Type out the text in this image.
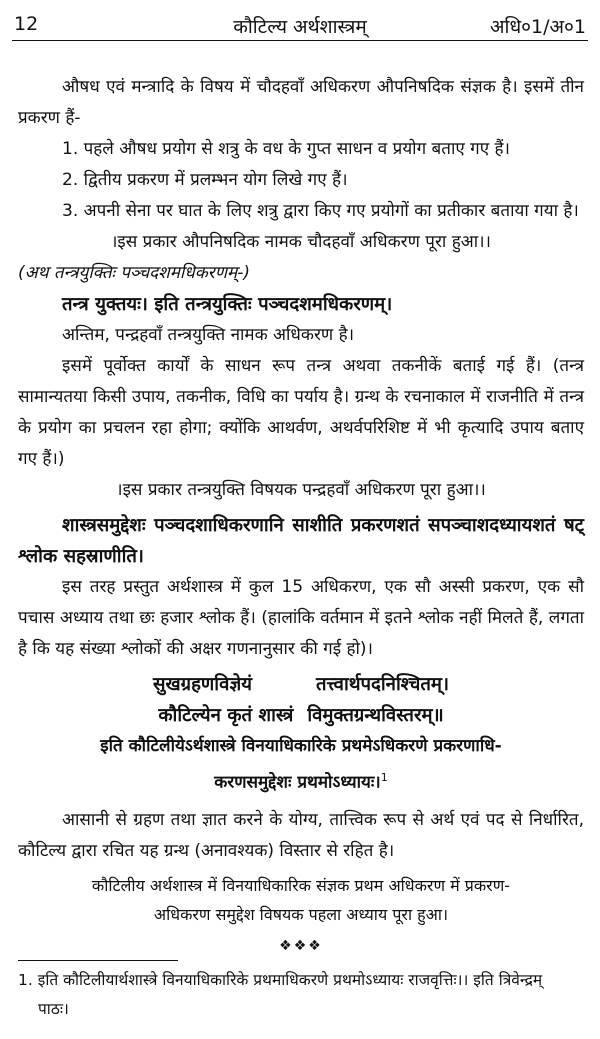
12	कौटिल्य अर्थशास्त्रम्	अधि०1/अ०1

औषध एवं मन्त्रादि के विषय में चौदहवाँ अधिकरण औपनिषदिक संज्ञक है। इसमें तीन प्रकरण हैं-

1. पहले औषध प्रयोग से शत्रु के वध के गुप्त साधन व प्रयोग बताए गए हैं।

2. द्वितीय प्रकरण में प्रलम्भन योग लिखे गए हैं।

3. अपनी सेना पर घात के लिए शत्रु द्वारा किए गए प्रयोगों का प्रतीकार बताया गया है।

।इस प्रकार औपनिषदिक नामक चौदहवाँ अधिकरण पूरा हुआ।।

(अथ तन्त्रयुक्तिः पञ्चदशमधिकरणम्-)

तन्त्र युक्तयः। इति तन्त्रयुक्तिः पञ्चदशमधिकरणम्।

अन्तिम, पन्द्रहवाँ तन्त्रयुक्ति नामक अधिकरण है।

इसमें पूर्वोक्त कार्यों के साधन रूप तन्त्र अथवा तकनीकें बताई गई हैं। (तन्त्र सामान्यतया किसी उपाय, तकनीक, विधि का पर्याय है। ग्रन्थ के रचनाकाल में राजनीति में तन्त्र के प्रयोग का प्रचलन रहा होगा; क्योंकि आथर्वण, अथर्वपरिशिष्ट में भी कृत्यादि उपाय बताए गए हैं।)

।इस प्रकार तन्त्रयुक्ति विषयक पन्द्रहवाँ अधिकरण पूरा हुआ।।

शास्त्रसमुद्देशः पञ्चदशाधिकरणानि साशीति प्रकरणशतं सपञ्चाशदध्यायशतं षट् श्लोक सहस्राणीति।

इस तरह प्रस्तुत अर्थशास्त्र में कुल 15 अधिकरण, एक सौ अस्सी प्रकरण, एक सौ पचास अध्याय तथा छः हजार श्लोक हैं। (हालांकि वर्तमान में इतने श्लोक नहीं मिलते हैं, लगता है कि यह संख्या श्लोकों की अक्षर गणनानुसार की गई हो)।

सुखग्रहणविज्ञेयं	तत्त्वार्थपदनिश्चितम्।
कौटिल्येन कृतं शास्त्रं विमुक्तग्रन्थविस्तरम्॥

इति कौटिलीयेऽर्थशास्त्रे विनयाधिकारिके प्रथमेऽधिकरणे प्रकरणाधि-

करणसमुद्देशः प्रथमोऽध्यायः।$^1$

आसानी से ग्रहण तथा ज्ञात करने के योग्य, तात्त्विक रूप से अर्थ एवं पद से निर्धारित, कौटिल्य द्वारा रचित यह ग्रन्थ (अनावश्यक) विस्तार से रहित है।

कौटिलीय अर्थशास्त्र में विनयाधिकारिक संज्ञक प्रथम अधिकरण में प्रकरण-

अधिकरण समुद्देश विषयक पहला अध्याय पूरा हुआ।

❖❖❖
1. इति कौटिलीयार्थशास्त्रे विनयाधिकारिके प्रथमाधिकरणे प्रथमोऽध्यायः राजवृत्तिः।। इति त्रिवेन्द्रम्
पाठः।
